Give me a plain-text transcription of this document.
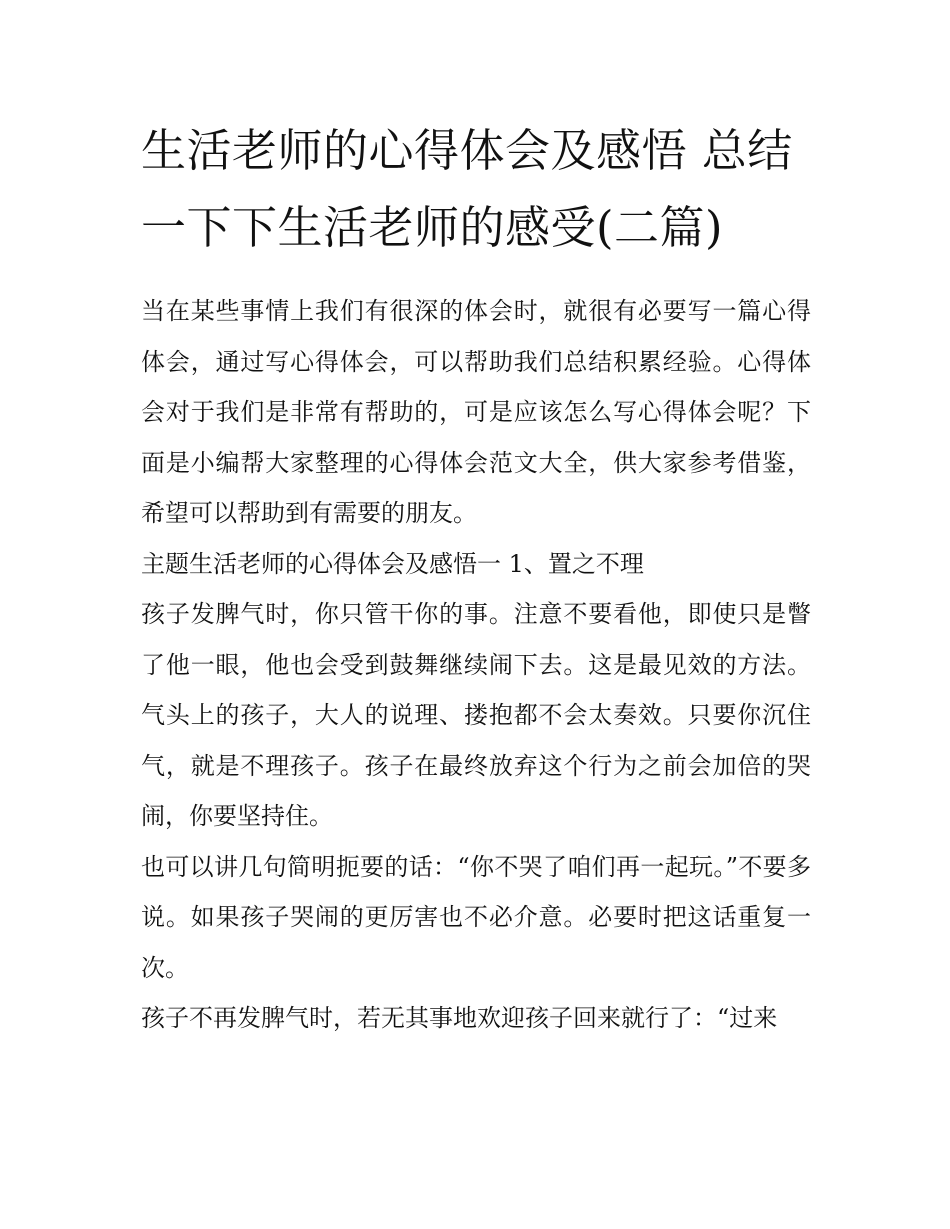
生活老师的心得体会及感悟 总结一下下生活老师的感受(二篇)

当在某些事情上我们有很深的体会时，就很有必要写一篇心得体会，通过写心得体会，可以帮助我们总结积累经验。心得体会对于我们是非常有帮助的，可是应该怎么写心得体会呢？下面是小编帮大家整理的心得体会范文大全，供大家参考借鉴，希望可以帮助到有需要的朋友。

主题生活老师的心得体会及感悟一 1、置之不理

孩子发脾气时，你只管干你的事。注意不要看他，即使只是瞥了他一眼，他也会受到鼓舞继续闹下去。这是最见效的方法。气头上的孩子，大人的说理、搂抱都不会太奏效。只要你沉住气，就是不理孩子。孩子在最终放弃这个行为之前会加倍的哭闹，你要坚持住。

也可以讲几句简明扼要的话：“你不哭了咱们再一起玩。”不要多说。如果孩子哭闹的更厉害也不必介意。必要时把这话重复一次。

孩子不再发脾气时，若无其事地欢迎孩子回来就行了：“过来
